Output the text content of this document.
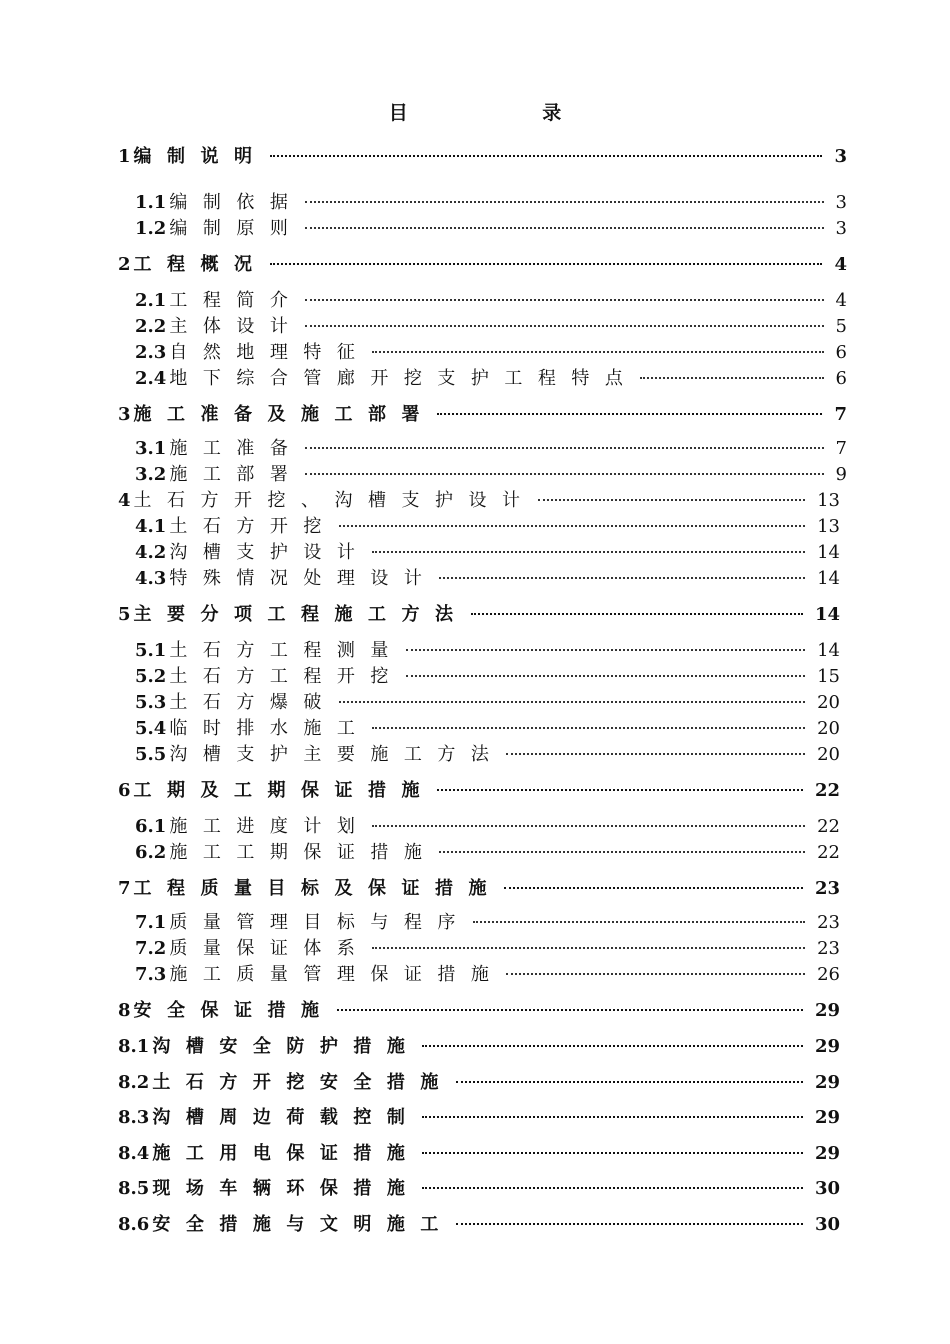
目 录
1 编制说明	3
1.1 编制依据	3
1.2 编制原则	3
2 工程概况	4
2.1 工程简介	4
2.2 主体设计	5
2.3 自然地理特征	6
2.4 地下综合管廊开挖支护工程特点	6
3 施工准备及施工部署	7
3.1 施工准备	7
3.2 施工部署	9
4 土石方开挖、沟槽支护设计	13
4.1 土石方开挖	13
4.2 沟槽支护设计	14
4.3 特殊情况处理设计	14
5 主要分项工程施工方法	14
5.1 土石方工程测量	14
5.2 土石方工程开挖	15
5.3 土石方爆破	20
5.4 临时排水施工	20
5.5 沟槽支护主要施工方法	20
6 工期及工期保证措施	22
6.1 施工进度计划	22
6.2 施工工期保证措施	22
7 工程质量目标及保证措施	23
7.1 质量管理目标与程序	23
7.2 质量保证体系	23
7.3 施工质量管理保证措施	26
8 安全保证措施	29
8.1 沟槽安全防护措施	29
8.2 土石方开挖安全措施	29
8.3 沟槽周边荷载控制	29
8.4 施工用电保证措施	29
8.5 现场车辆环保措施	30
8.6 安全措施与文明施工	30
